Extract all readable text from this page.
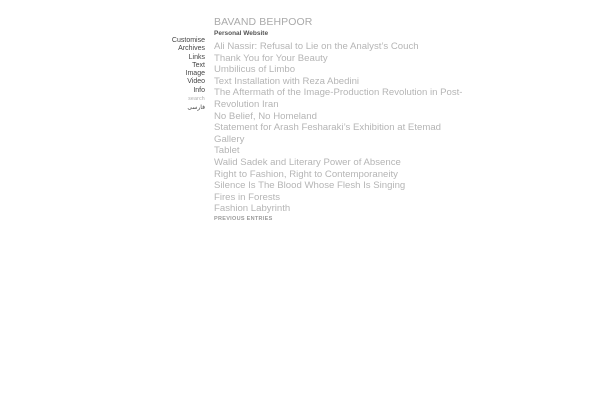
Customise
Archives
Links
Text
Image
Video
Info
search
فارسی
BAVAND BEHPOOR
Personal Website
Ali Nassir: Refusal to Lie on the Analyst’s Couch
Thank You for Your Beauty
Umbilicus of Limbo
Text Installation with Reza Abedini
The Aftermath of the Image-Production Revolution in Post-Revolution Iran
No Belief, No Homeland
Statement for Arash Fesharaki’s Exhibition at Etemad Gallery
Tablet
Walid Sadek and Literary Power of Absence
Right to Fashion, Right to Contemporaneity
Silence Is The Blood Whose Flesh Is Singing
Fires in Forests
Fashion Labyrinth
PREVIOUS ENTRIES
